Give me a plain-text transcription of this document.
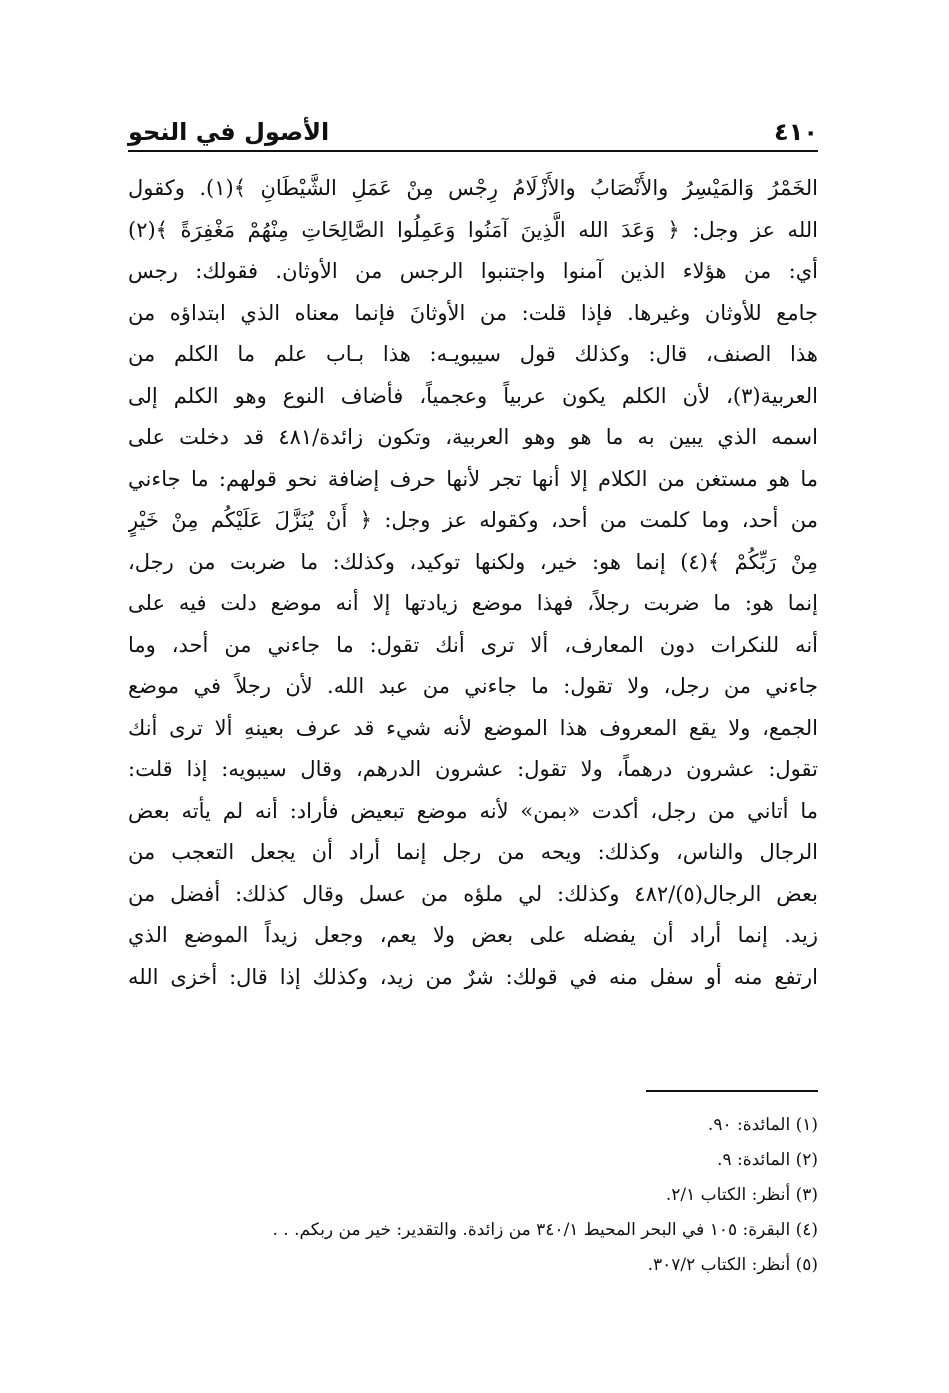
٤١٠
الأصول في النحو
الخَمْرُ وَالمَيْسِرُ والأَنْصَابُ والأَزْلَامُ رِجْس مِنْ عَمَلِ الشَّيْطَانِ ﴾(١). وكقول
الله عز وجل: ﴿ وَعَدَ الله الَّذِينَ آمَنُوا وَعَمِلُوا الصَّالِحَاتِ مِنْهُمْ مَغْفِرَةً ﴾(٢)
أي: من هؤلاء الذين آمنوا واجتنبوا الرجس من الأوثان. فقولك: رجس
جامع للأوثان وغيرها. فإذا قلت: من الأوثانَ فإنما معناه الذي ابتداؤه من
هذا الصنف، قال: وكذلك قول سيبويـه: هذا بـاب علم ما الكلم من
العربية(٣)، لأن الكلم يكون عربياً وعجمياً، فأضاف النوع وهو الكلم إلى
اسمه الذي يبين به ما هو وهو العربية، وتكون زائدة/٤٨١ قد دخلت على
ما هو مستغن من الكلام إلا أنها تجر لأنها حرف إضافة نحو قولهم: ما جاءني
من أحد، وما كلمت من أحد، وكقوله عز وجل: ﴿ أَنْ يُنَزَّلَ عَلَيْكُم مِنْ خَيْرٍ
مِنْ رَبِّكُمْ ﴾(٤) إنما هو: خير، ولكنها توكيد، وكذلك: ما ضربت من رجل،
إنما هو: ما ضربت رجلاً، فهذا موضع زيادتها إلا أنه موضع دلت فيه على
أنه للنكرات دون المعارف، ألا ترى أنك تقول: ما جاءني من أحد، وما
جاءني من رجل، ولا تقول: ما جاءني من عبد الله. لأن رجلاً في موضع
الجمع، ولا يقع المعروف هذا الموضع لأنه شيء قد عرف بعينهِ ألا ترى أنك
تقول: عشرون درهماً، ولا تقول: عشرون الدرهم، وقال سيبويه: إذا قلت:
ما أتاني من رجل، أكدت «بمن» لأنه موضع تبعيض فأراد: أنه لم يأته بعض
الرجال والناس، وكذلك: ويحه من رجل إنما أراد أن يجعل التعجب من
بعض الرجال(٥)/٤٨٢ وكذلك: لي ملؤه من عسل وقال كذلك: أفضل من
زيد. إنما أراد أن يفضله على بعض ولا يعم، وجعل زيداً الموضع الذي
ارتفع منه أو سفل منه في قولك: شرٌ من زيد، وكذلك إذا قال: أخزى الله
(١) المائدة: ٩٠.
(٢) المائدة: ٩.
(٣) أنظر: الكتاب ٢/١.
(٤) البقرة: ١٠٥ في البحر المحيط ٣٤٠/١ من زائدة. والتقدير: خير من ربكم. . .
(٥) أنظر: الكتاب ٣٠٧/٢.
